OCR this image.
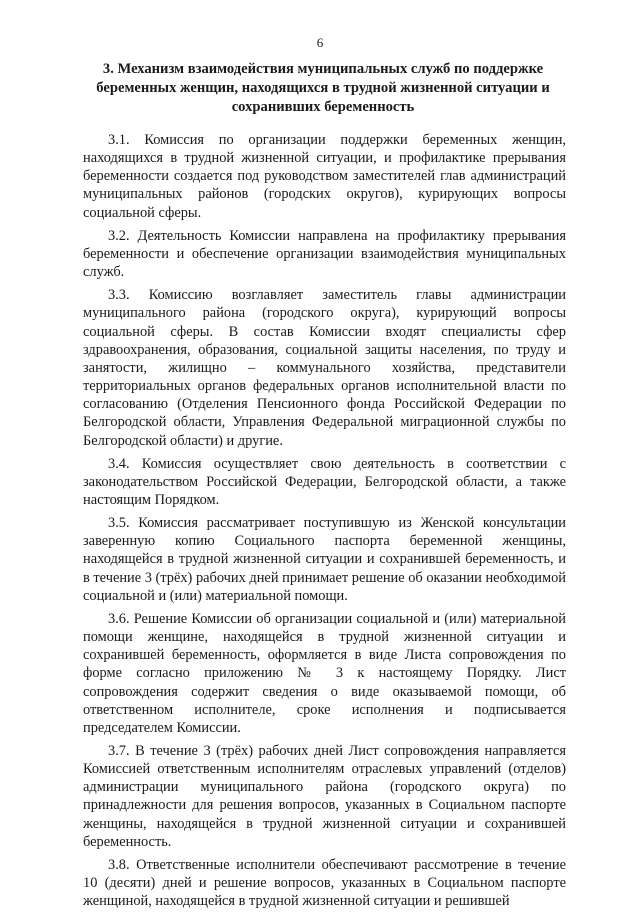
6
3. Механизм взаимодействия муниципальных служб по поддержке беременных женщин, находящихся в трудной жизненной ситуации и сохранивших беременность

3.1. Комиссия по организации поддержки беременных женщин, находящихся в трудной жизненной ситуации, и профилактике прерывания беременности создается под руководством заместителей глав администраций муниципальных районов (городских округов), курирующих вопросы социальной сферы.

3.2. Деятельность Комиссии направлена на профилактику прерывания беременности и обеспечение организации взаимодействия муниципальных служб.

3.3. Комиссию возглавляет заместитель главы администрации муниципального района (городского округа), курирующий вопросы социальной сферы. В состав Комиссии входят специалисты сфер здравоохранения, образования, социальной защиты населения, по труду и занятости, жилищно – коммунального хозяйства, представители территориальных органов федеральных органов исполнительной власти по согласованию (Отделения Пенсионного фонда Российской Федерации по Белгородской области, Управления Федеральной миграционной службы по Белгородской области) и другие.

3.4. Комиссия осуществляет свою деятельность в соответствии с законодательством Российской Федерации, Белгородской области, а также настоящим Порядком.

3.5. Комиссия рассматривает поступившую из Женской консультации заверенную копию Социального паспорта беременной женщины, находящейся в трудной жизненной ситуации и сохранившей беременность, и в течение 3 (трёх) рабочих дней принимает решение об оказании необходимой социальной и (или) материальной помощи.

3.6. Решение Комиссии об организации социальной и (или) материальной помощи женщине, находящейся в трудной жизненной ситуации и сохранившей беременность, оформляется в виде Листа сопровождения по форме согласно приложению № 3 к настоящему Порядку. Лист сопровождения содержит сведения о виде оказываемой помощи, об ответственном исполнителе, сроке исполнения и подписывается председателем Комиссии.

3.7. В течение 3 (трёх) рабочих дней Лист сопровождения направляется Комиссией ответственным исполнителям отраслевых управлений (отделов) администрации муниципального района (городского округа) по принадлежности для решения вопросов, указанных в Социальном паспорте женщины, находящейся в трудной жизненной ситуации и сохранившей беременность.

3.8. Ответственные исполнители обеспечивают рассмотрение в течение 10 (десяти) дней и решение вопросов, указанных в Социальном паспорте женщиной, находящейся в трудной жизненной ситуации и решившей
